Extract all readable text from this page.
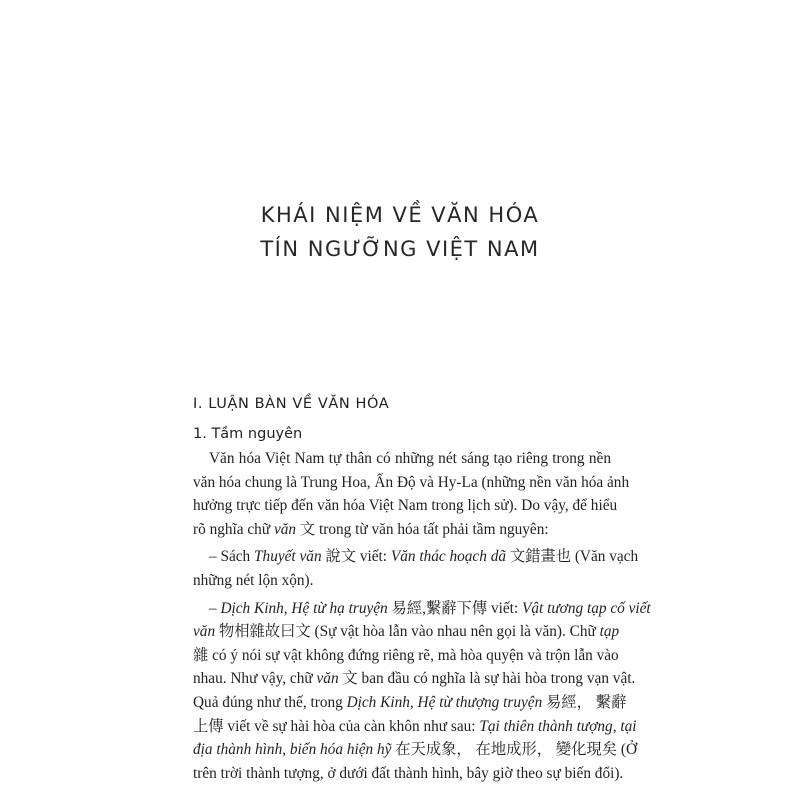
KHÁI NIỆM VỀ VĂN HÓA
TÍN NGƯỠNG VIỆT NAM
I. LUẬN BÀN VỀ VĂN HÓA
1. Tầm nguyên
Văn hóa Việt Nam tự thân có những nét sáng tạo riêng trong nền
văn hóa chung là Trung Hoa, Ấn Độ và Hy-La (những nền văn hóa ảnh
hưởng trực tiếp đến văn hóa Việt Nam trong lịch sử). Do vậy, để hiểu
rõ nghĩa chữ văn 文 trong từ văn hóa tất phải tầm nguyên:
– Sách Thuyết văn 說文 viết: Văn thác hoạch dã 文錯畫也 (Văn vạch
những nét lộn xộn).
– Dịch Kinh, Hệ từ hạ truyện 易經,繫辭下傳 viết: Vật tương tạp cố viết
văn 物相雜故曰文 (Sự vật hòa lẫn vào nhau nên gọi là văn). Chữ tạp
雜 có ý nói sự vật không đứng riêng rẽ, mà hòa quyện và trộn lẫn vào
nhau. Như vậy, chữ văn 文 ban đầu có nghĩa là sự hài hòa trong vạn vật.
Quả đúng như thế, trong Dịch Kinh, Hệ từ thượng truyện 易經， 繫辭
上傳 viết về sự hài hòa của càn khôn như sau: Tại thiên thành tượng, tại
địa thành hình, biến hóa hiện hỹ 在天成象， 在地成形， 變化現矣 (Ở
trên trời thành tượng, ở dưới đất thành hình, bây giờ theo sự biến đổi).
